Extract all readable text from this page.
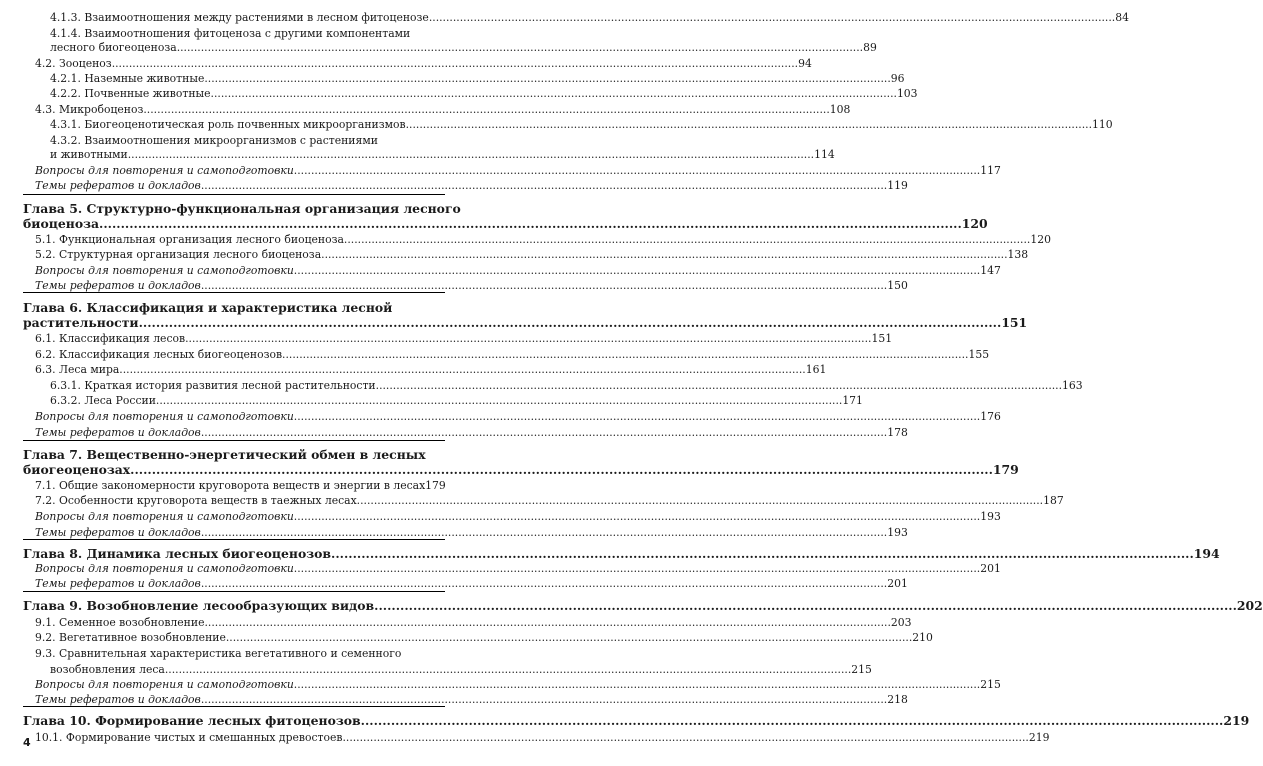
4.1.3. Взаимоотношения между растениями в лесном фитоценозе ........................................................................................................................................................................................................ 84
4.1.4. Взаимоотношения фитоценоза с другими компонентами
лесного биогеоценоза ........................................................................................................................................................................................................ 89
4.2. Зооценоз ........................................................................................................................................................................................................ 94
4.2.1. Наземные животные ........................................................................................................................................................................................................ 96
4.2.2. Почвенные животные ........................................................................................................................................................................................................ 103
4.3. Микробоценоз ........................................................................................................................................................................................................ 108
4.3.1. Биогеоценотическая роль почвенных микроорганизмов ........................................................................................................................................................................................................ 110
4.3.2. Взаимоотношения микроорганизмов с растениями
и животными ........................................................................................................................................................................................................ 114
Вопросы для повторения и самоподготовки ........................................................................................................................................................................................................ 117
Темы рефератов и докладов ........................................................................................................................................................................................................ 119
Глава 5. Структурно-функциональная организация лесного
биоценоза ........................................................................................................................................................................................................ 120
5.1. Функциональная организация лесного биоценоза ........................................................................................................................................................................................................ 120
5.2. Структурная организация лесного биоценоза ........................................................................................................................................................................................................ 138
Вопросы для повторения и самоподготовки ........................................................................................................................................................................................................ 147
Темы рефератов и докладов ........................................................................................................................................................................................................ 150
Глава 6. Классификация и характеристика лесной
растительности ........................................................................................................................................................................................................ 151
6.1. Классификация лесов ........................................................................................................................................................................................................ 151
6.2. Классификация лесных биогеоценозов ........................................................................................................................................................................................................ 155
6.3. Леса мира ........................................................................................................................................................................................................ 161
6.3.1. Краткая история развития лесной растительности ........................................................................................................................................................................................................ 163
6.3.2. Леса России ........................................................................................................................................................................................................ 171
Вопросы для повторения и самоподготовки ........................................................................................................................................................................................................ 176
Темы рефератов и докладов ........................................................................................................................................................................................................ 178
Глава 7. Вещественно-энергетический обмен в лесных
биогеоценозах ........................................................................................................................................................................................................ 179
7.1. Общие закономерности круговорота веществ и энергии в лесах 179
7.2. Особенности круговорота веществ в таежных лесах ........................................................................................................................................................................................................ 187
Вопросы для повторения и самоподготовки ........................................................................................................................................................................................................ 193
Темы рефератов и докладов ........................................................................................................................................................................................................ 193
Глава 8. Динамика лесных биогеоценозов ........................................................................................................................................................................................................ 194
Вопросы для повторения и самоподготовки ........................................................................................................................................................................................................ 201
Темы рефератов и докладов ........................................................................................................................................................................................................ 201
Глава 9. Возобновление лесообразующих видов ........................................................................................................................................................................................................ 202
9.1. Семенное возобновление ........................................................................................................................................................................................................ 203
9.2. Вегетативное возобновление ........................................................................................................................................................................................................ 210
9.3. Сравнительная характеристика вегетативного и семенного
возобновления леса ........................................................................................................................................................................................................ 215
Вопросы для повторения и самоподготовки ........................................................................................................................................................................................................ 215
Темы рефератов и докладов ........................................................................................................................................................................................................ 218
Глава 10. Формирование лесных фитоценозов ........................................................................................................................................................................................................ 219
10.1. Формирование чистых и смешанных древостоев ........................................................................................................................................................................................................ 219
4
